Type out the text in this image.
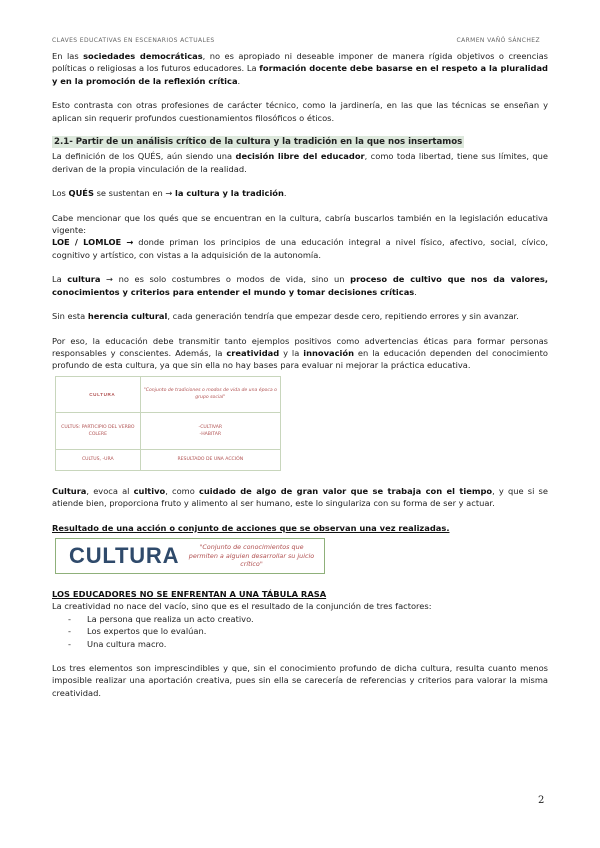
CLAVES EDUCATIVAS EN ESCENARIOS ACTUALES	CARMEN VAÑÓ SÁNCHEZ

En las sociedades democráticas, no es apropiado ni deseable imponer de manera rígida objetivos o creencias políticas o religiosas a los futuros educadores. La formación docente debe basarse en el respeto a la pluralidad y en la promoción de la reflexión crítica.

Esto contrasta con otras profesiones de carácter técnico, como la jardinería, en las que las técnicas se enseñan y aplican sin requerir profundos cuestionamientos filosóficos o éticos.

2.1- Partir de un análisis crítico de la cultura y la tradición en la que nos insertamos

La definición de los QUÉS, aún siendo una decisión libre del educador, como toda libertad, tiene sus límites, que derivan de la propia vinculación de la realidad.

Los QUÉS se sustentan en → la cultura y la tradición.

Cabe mencionar que los qués que se encuentran en la cultura, cabría buscarlos también en la legislación educativa vigente:
LOE / LOMLOE → donde priman los principios de una educación integral a nivel físico, afectivo, social, cívico, cognitivo y artístico, con vistas a la adquisición de la autonomía.

La cultura → no es solo costumbres o modos de vida, sino un proceso de cultivo que nos da valores, conocimientos y criterios para entender el mundo y tomar decisiones críticas.

Sin esta herencia cultural, cada generación tendría que empezar desde cero, repitiendo errores y sin avanzar.

Por eso, la educación debe transmitir tanto ejemplos positivos como advertencias éticas para formar personas responsables y conscientes. Además, la creatividad y la innovación en la educación dependen del conocimiento profundo de esta cultura, ya que sin ella no hay bases para evaluar ni mejorar la práctica educativa.

CULTURA	"Conjunto de tradiciones o modos de vida de una época o grupo social"
CULTUS: PARTICIPIO DEL VERBO COLERE	-CULTIVAR
-HABITAR
CULTUS, -URA	RESULTADO DE UNA ACCIÓN

Cultura, evoca al cultivo, como cuidado de algo de gran valor que se trabaja con el tiempo, y que si se atiende bien, proporciona fruto y alimento al ser humano, este lo singulariza con su forma de ser y actuar.

Resultado de una acción o conjunto de acciones que se observan una vez realizadas.

CULTURA	"Conjunto de conocimientos que permiten a alguien desarrollar su juicio crítico"

LOS EDUCADORES NO SE ENFRENTAN A UNA TÁBULA RASA

La creatividad no nace del vacío, sino que es el resultado de la conjunción de tres factores:

- La persona que realiza un acto creativo.
- Los expertos que lo evalúan.
- Una cultura macro.

Los tres elementos son imprescindibles y que, sin el conocimiento profundo de dicha cultura, resulta cuanto menos imposible realizar una aportación creativa, pues sin ella se carecería de referencias y criterios para valorar la misma creatividad.

2
